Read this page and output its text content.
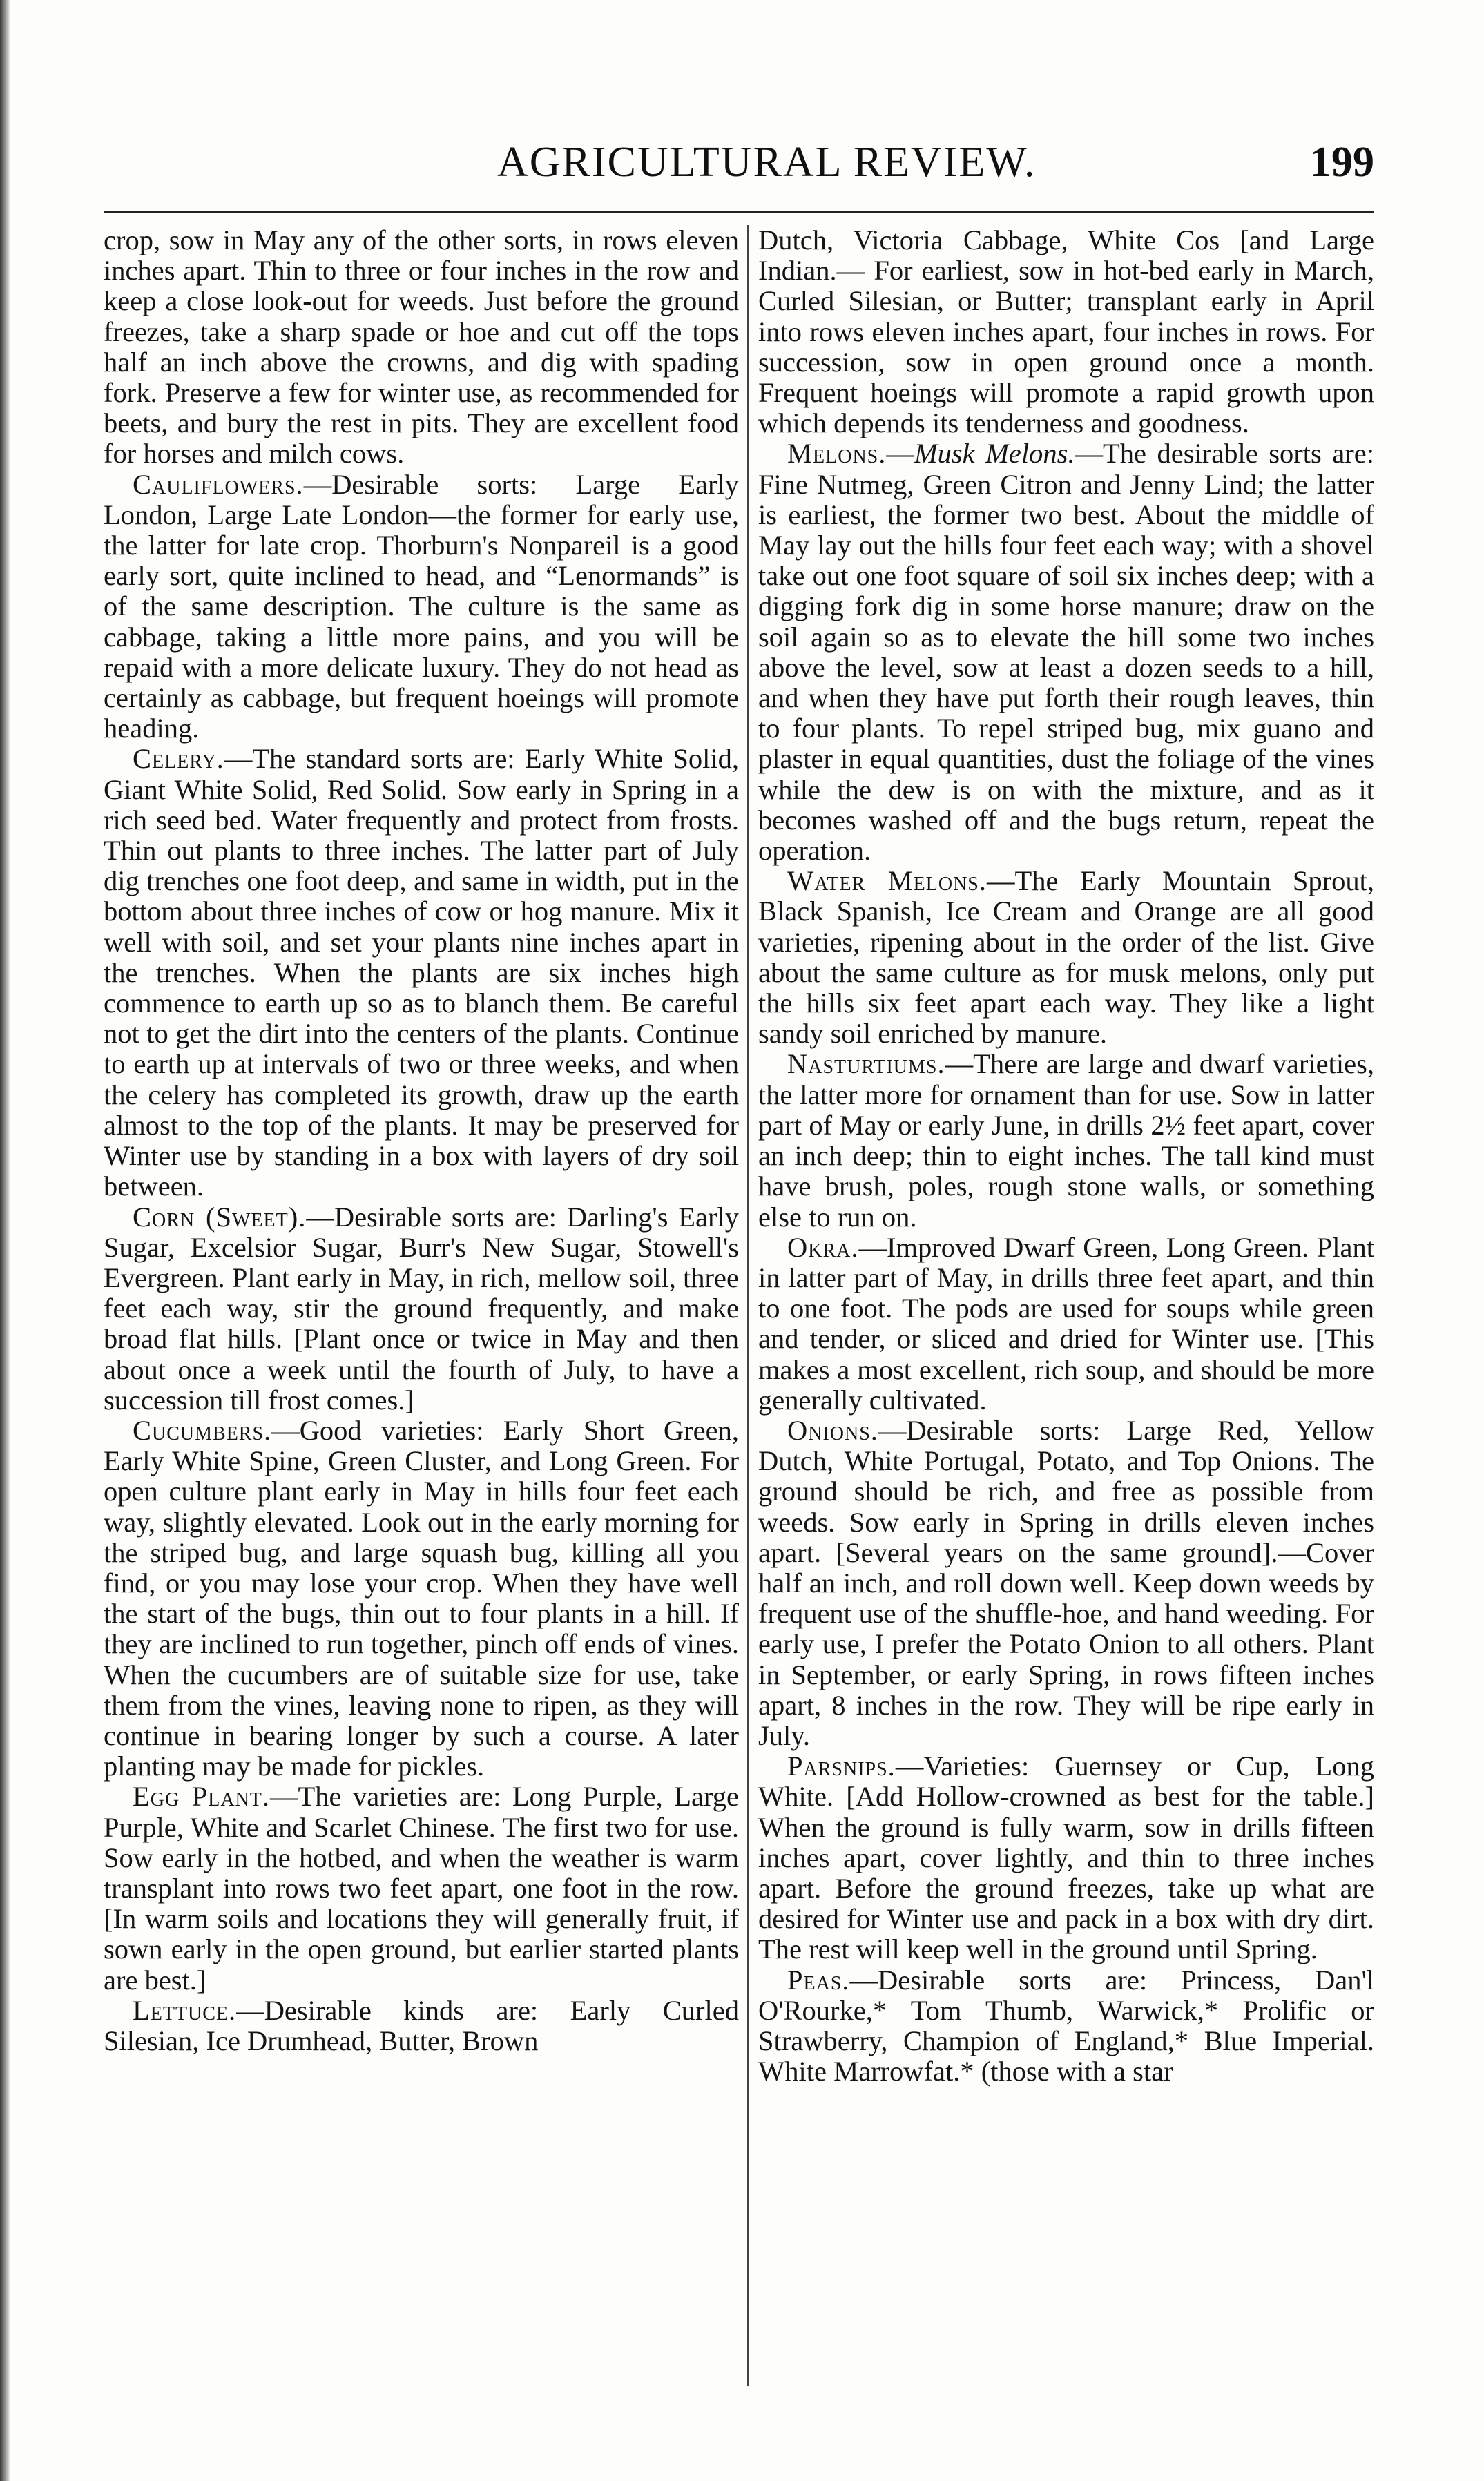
AGRICULTURAL REVIEW.	199

crop, sow in May any of the other sorts, in rows eleven inches apart. Thin to three or four inches in the row and keep a close look-out for weeds. Just before the ground freezes, take a sharp spade or hoe and cut off the tops half an inch above the crowns, and dig with spading fork. Preserve a few for winter use, as recommended for beets, and bury the rest in pits. They are excellent food for horses and milch cows.

Cauliflowers.—Desirable sorts: Large Early London, Large Late London—the former for early use, the latter for late crop. Thorburn's Nonpareil is a good early sort, quite inclined to head, and “Lenormands” is of the same description. The culture is the same as cabbage, taking a little more pains, and you will be repaid with a more delicate luxury. They do not head as certainly as cabbage, but frequent hoeings will promote heading.

Celery.—The standard sorts are: Early White Solid, Giant White Solid, Red Solid. Sow early in Spring in a rich seed bed. Water frequently and protect from frosts. Thin out plants to three inches. The latter part of July dig trenches one foot deep, and same in width, put in the bottom about three inches of cow or hog manure. Mix it well with soil, and set your plants nine inches apart in the trenches. When the plants are six inches high commence to earth up so as to blanch them. Be careful not to get the dirt into the centers of the plants. Continue to earth up at intervals of two or three weeks, and when the celery has completed its growth, draw up the earth almost to the top of the plants. It may be preserved for Winter use by standing in a box with layers of dry soil between.

Corn (Sweet).—Desirable sorts are: Darling's Early Sugar, Excelsior Sugar, Burr's New Sugar, Stowell's Evergreen. Plant early in May, in rich, mellow soil, three feet each way, stir the ground frequently, and make broad flat hills. [Plant once or twice in May and then about once a week until the fourth of July, to have a succession till frost comes.]

Cucumbers.—Good varieties: Early Short Green, Early White Spine, Green Cluster, and Long Green. For open culture plant early in May in hills four feet each way, slightly elevated. Look out in the early morning for the striped bug, and large squash bug, killing all you find, or you may lose your crop. When they have well the start of the bugs, thin out to four plants in a hill. If they are inclined to run together, pinch off ends of vines. When the cucumbers are of suitable size for use, take them from the vines, leaving none to ripen, as they will continue in bearing longer by such a course. A later planting may be made for pickles.

Egg Plant.—The varieties are: Long Purple, Large Purple, White and Scarlet Chinese. The first two for use. Sow early in the hotbed, and when the weather is warm transplant into rows two feet apart, one foot in the row. [In warm soils and locations they will generally fruit, if sown early in the open ground, but earlier started plants are best.]

Lettuce.—Desirable kinds are: Early Curled Silesian, Ice Drumhead, Butter, Brown

Dutch, Victoria Cabbage, White Cos [and Large Indian.— For earliest, sow in hot-bed early in March, Curled Silesian, or Butter; transplant early in April into rows eleven inches apart, four inches in rows. For succession, sow in open ground once a month. Frequent hoeings will promote a rapid growth upon which depends its tenderness and goodness.

Melons.—Musk Melons.—The desirable sorts are: Fine Nutmeg, Green Citron and Jenny Lind; the latter is earliest, the former two best. About the middle of May lay out the hills four feet each way; with a shovel take out one foot square of soil six inches deep; with a digging fork dig in some horse manure; draw on the soil again so as to elevate the hill some two inches above the level, sow at least a dozen seeds to a hill, and when they have put forth their rough leaves, thin to four plants. To repel striped bug, mix guano and plaster in equal quantities, dust the foliage of the vines while the dew is on with the mixture, and as it becomes washed off and the bugs return, repeat the operation.

Water Melons.—The Early Mountain Sprout, Black Spanish, Ice Cream and Orange are all good varieties, ripening about in the order of the list. Give about the same culture as for musk melons, only put the hills six feet apart each way. They like a light sandy soil enriched by manure.

Nasturtiums.—There are large and dwarf varieties, the latter more for ornament than for use. Sow in latter part of May or early June, in drills 2½ feet apart, cover an inch deep; thin to eight inches. The tall kind must have brush, poles, rough stone walls, or something else to run on.

Okra.—Improved Dwarf Green, Long Green. Plant in latter part of May, in drills three feet apart, and thin to one foot. The pods are used for soups while green and tender, or sliced and dried for Winter use. [This makes a most excellent, rich soup, and should be more generally cultivated.

Onions.—Desirable sorts: Large Red, Yellow Dutch, White Portugal, Potato, and Top Onions. The ground should be rich, and free as possible from weeds. Sow early in Spring in drills eleven inches apart. [Several years on the same ground].—Cover half an inch, and roll down well. Keep down weeds by frequent use of the shuffle-hoe, and hand weeding. For early use, I prefer the Potato Onion to all others. Plant in September, or early Spring, in rows fifteen inches apart, 8 inches in the row. They will be ripe early in July.

Parsnips.—Varieties: Guernsey or Cup, Long White. [Add Hollow-crowned as best for the table.] When the ground is fully warm, sow in drills fifteen inches apart, cover lightly, and thin to three inches apart. Before the ground freezes, take up what are desired for Winter use and pack in a box with dry dirt. The rest will keep well in the ground until Spring.

Peas.—Desirable sorts are: Princess, Dan'l O'Rourke,* Tom Thumb, Warwick,* Prolific or Strawberry, Champion of England,* Blue Imperial. White Marrowfat.* (those with a star
